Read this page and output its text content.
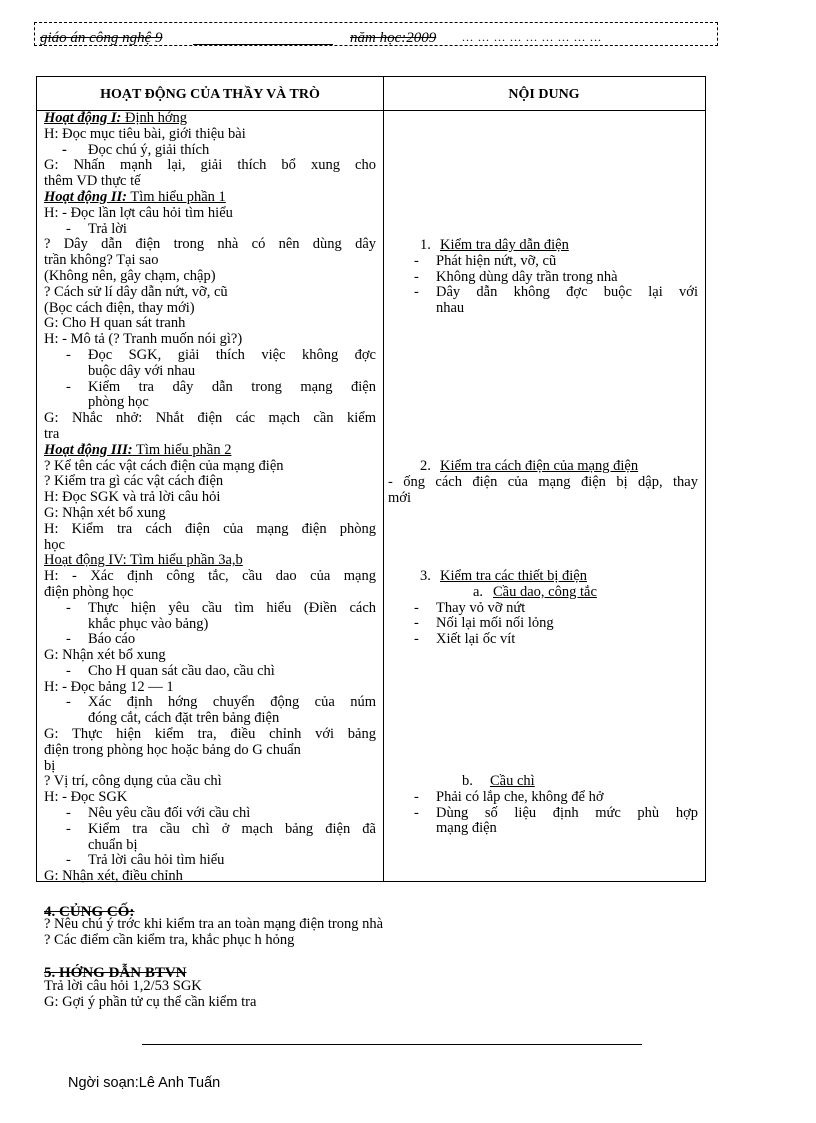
giáo án công nghệ 9	năm học:2009 ... ... ... ... ... ... ... ... ...
HOẠT ĐỘNG CỦA THẦY VÀ TRÒ	NỘI DUNG
Hoạt động I: Định hớng
H: Đọc mục tiêu bài, giới thiệu bài
- Đọc chú ý, giải thích
G: Nhấn mạnh lại, giải thích bổ xung cho
thêm VD thực tế
Hoạt động II: Tìm hiểu phần 1
H: - Đọc lần lợt câu hỏi tìm hiểu
- Trả lời
? Dây dẫn điện trong nhà có nên dùng dây
trần không? Tại sao
(Không nên, gây chạm, chập)
? Cách sử lí dây dẫn nứt, vỡ, cũ
(Bọc cách điện, thay mới)
G: Cho H quan sát tranh
H: - Mô tả (? Tranh muốn nói gì?)
- Đọc SGK, giải thích việc không đợc
buộc dây với nhau
- Kiểm tra dây dẫn trong mạng điện
phòng học
G: Nhắc nhở: Nhắt điện các mạch cần kiểm
tra
Hoạt động III: Tìm hiểu phần 2
? Kể tên các vật cách điện của mạng điện
? Kiểm tra gì các vật cách điện
H: Đọc SGK và trả lời câu hỏi
G: Nhận xét bổ xung
H: Kiểm tra cách điện của mạng điện phòng
học
Hoạt động IV: Tìm hiểu phần 3a,b
H: - Xác định công tắc, cầu dao của mạng
điện phòng học
- Thực hiện yêu cầu tìm hiểu (Điền cách
khắc phục vào bảng)
- Báo cáo
G: Nhận xét bổ xung
- Cho H quan sát cầu dao, cầu chì
H: - Đọc bảng 12 — 1
- Xác định hớng chuyển động của núm
đóng cắt, cách đặt trên bảng điện
G: Thực hiện kiểm tra, điều chỉnh với bảng
điện trong phòng học hoặc bảng do G chuẩn
bị
? Vị trí, công dụng của cầu chì
H: - Đọc SGK
- Nêu yêu cầu đối với cầu chì
- Kiểm tra cầu chì ở mạch bảng điện đã
chuẩn bị
- Trả lời câu hỏi tìm hiểu
G: Nhận xét, điều chỉnh
1. Kiểm tra dây dẫn điện
- Phát hiện nứt, vỡ, cũ
- Không dùng dây trần trong nhà
- Dây dẫn không đợc buộc lại với
nhau
2. Kiểm tra cách điện của mạng điện
- ống cách điện của mạng điện bị dập, thay
mới
3. Kiểm tra các thiết bị điện
a. Cầu dao, công tắc
- Thay vỏ vỡ nứt
- Nối lại mối nối lỏng
- Xiết lại ốc vít
b. Cầu chì
- Phải có lắp che, không để hở
- Dùng số liệu định mức phù hợp
mạng điện
4. CỦNG CỐ:
? Nêu chú ý trớc khi kiểm tra an toàn mạng điện trong nhà
? Các điểm cần kiểm tra, khắc phục h hỏng
5. HỚNG DẪN BTVN
Trả lời câu hỏi 1,2/53 SGK
G: Gợi ý phần tử cụ thể cần kiểm tra
Ngời soạn:Lê Anh Tuấn
